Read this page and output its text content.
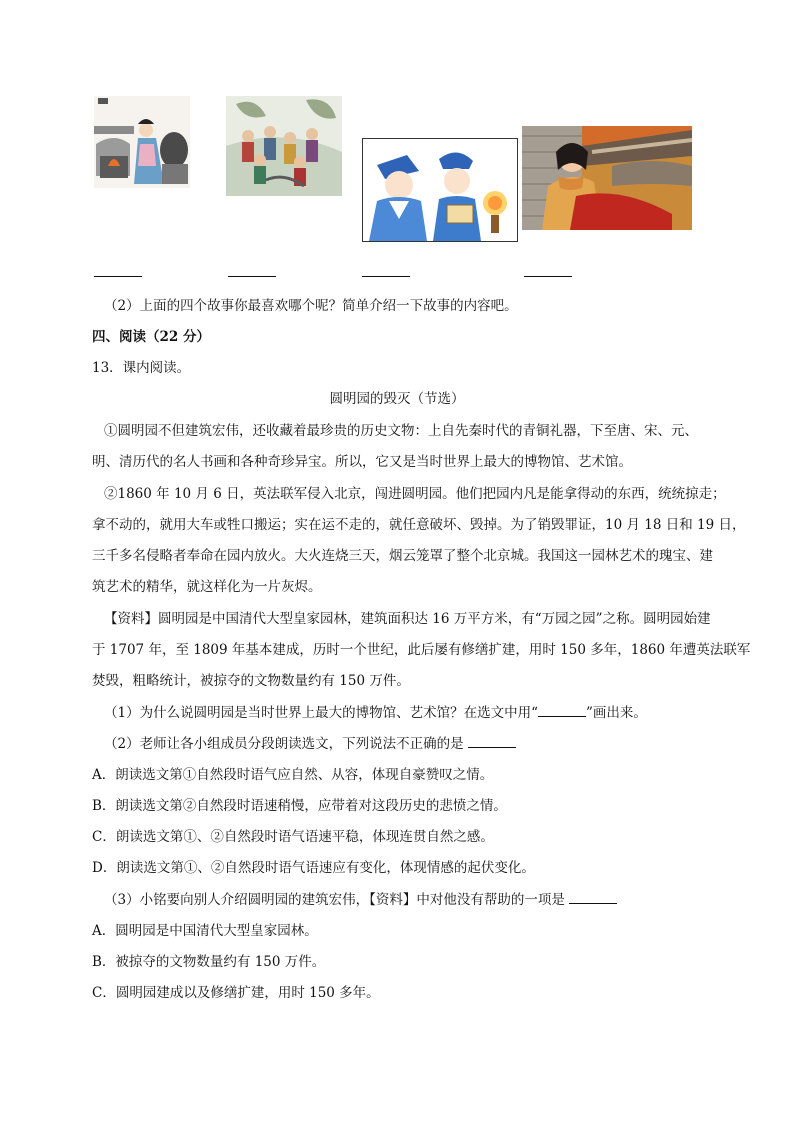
（2）上面的四个故事你最喜欢哪个呢？简单介绍一下故事的内容吧。
四、阅读（22 分）
13．课内阅读。
圆明园的毁灭（节选）
①圆明园不但建筑宏伟，还收藏着最珍贵的历史文物：上自先秦时代的青铜礼器，下至唐、宋、元、
明、清历代的名人书画和各种奇珍异宝。所以，它又是当时世界上最大的博物馆、艺术馆。
②1860 年 10 月 6 日，英法联军侵入北京，闯进圆明园。他们把园内凡是能拿得动的东西，统统掠走；
拿不动的，就用大车或牲口搬运；实在运不走的，就任意破坏、毁掉。为了销毁罪证，10 月 18 日和 19 日，
三千多名侵略者奉命在园内放火。大火连烧三天，烟云笼罩了整个北京城。我国这一园林艺术的瑰宝、建
筑艺术的精华，就这样化为一片灰烬。
【资料】圆明园是中国清代大型皇家园林，建筑面积达 16 万平方米，有“万园之园”之称。圆明园始建
于 1707 年，至 1809 年基本建成，历时一个世纪，此后屡有修缮扩建，用时 150 多年，1860 年遭英法联军
焚毁，粗略统计，被掠夺的文物数量约有 150 万件。
（1）为什么说圆明园是当时世界上最大的博物馆、艺术馆？在选文中用“	”画出来。
（2）老师让各小组成员分段朗读选文，下列说法不正确的是
A．朗读选文第①自然段时语气应自然、从容，体现自豪赞叹之情。
B．朗读选文第②自然段时语速稍慢，应带着对这段历史的悲愤之情。
C．朗读选文第①、②自然段时语气语速平稳，体现连贯自然之感。
D．朗读选文第①、②自然段时语气语速应有变化，体现情感的起伏变化。
（3）小铭要向别人介绍圆明园的建筑宏伟，【资料】中对他没有帮助的一项是
A．圆明园是中国清代大型皇家园林。
B．被掠夺的文物数量约有 150 万件。
C．圆明园建成以及修缮扩建，用时 150 多年。
